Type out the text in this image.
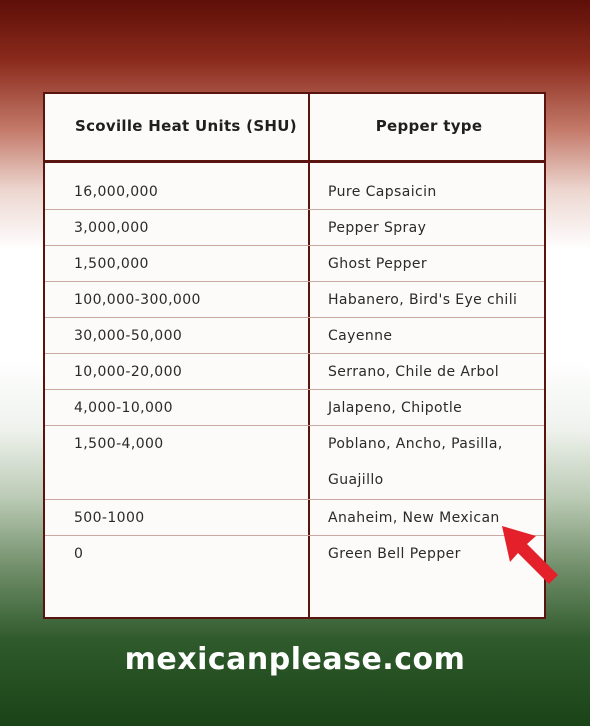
Scoville Heat Units (SHU)	Pepper type
16,000,000	Pure Capsaicin
3,000,000	Pepper Spray
1,500,000	Ghost Pepper
100,000-300,000	Habanero, Bird's Eye chili
30,000-50,000	Cayenne
10,000-20,000	Serrano, Chile de Arbol
4,000-10,000	Jalapeno, Chipotle
1,500-4,000	Poblano, Ancho, Pasilla, Guajillo
500-1000	Anaheim, New Mexican
0	Green Bell Pepper
mexicanplease.com
